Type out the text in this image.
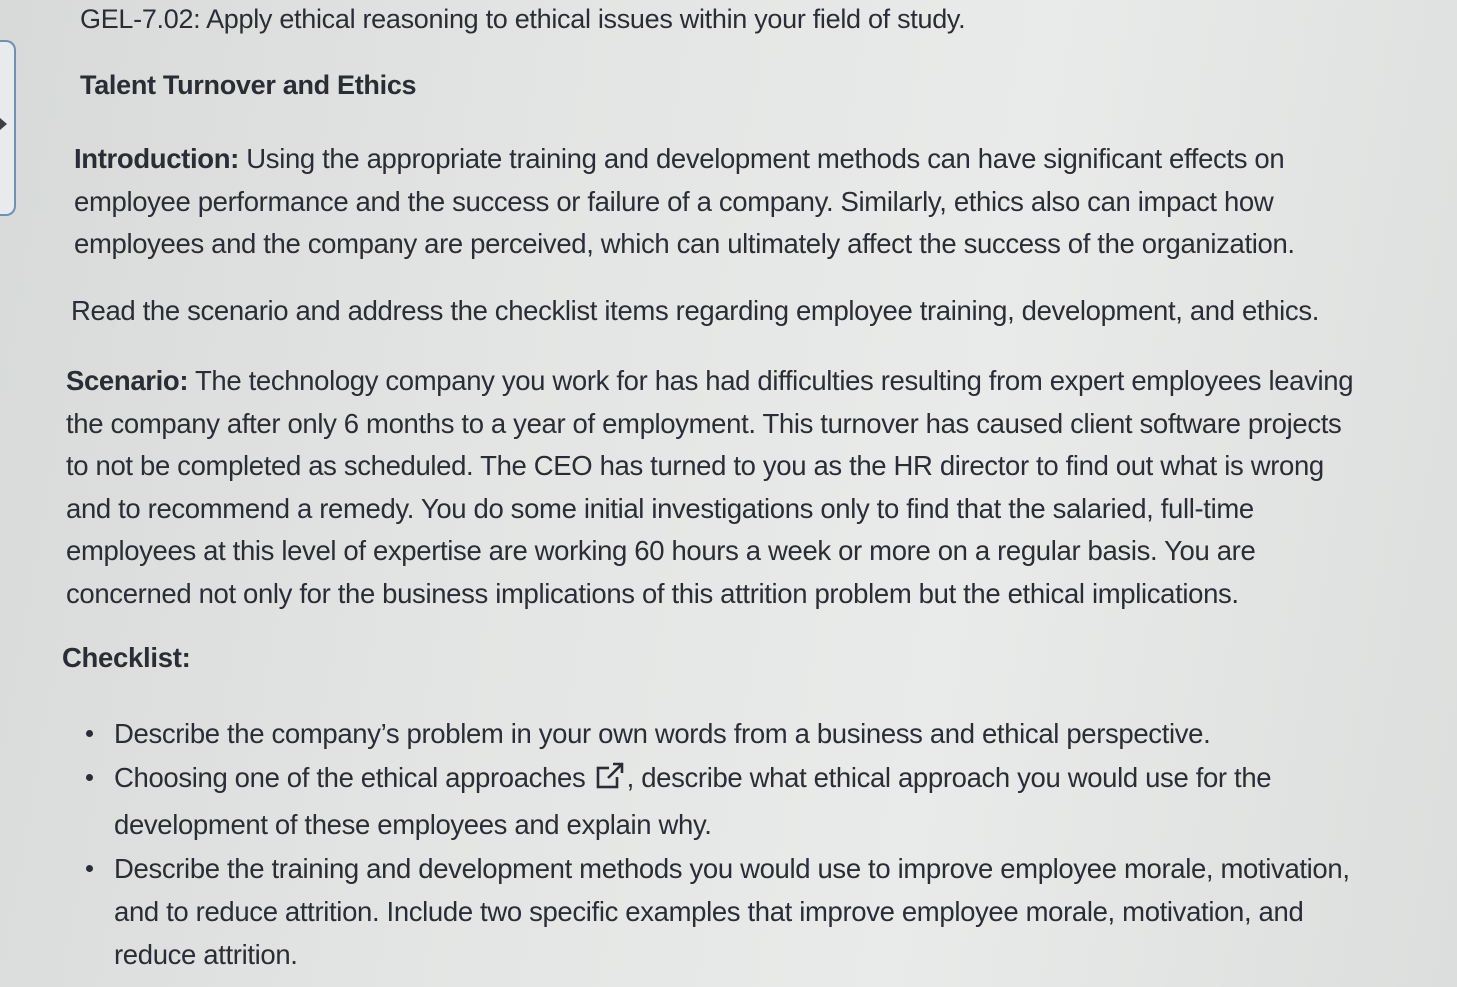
GEL-7.02: Apply ethical reasoning to ethical issues within your field of study.
Talent Turnover and Ethics
Introduction: Using the appropriate training and development methods can have significant effects on
employee performance and the success or failure of a company. Similarly, ethics also can impact how
employees and the company are perceived, which can ultimately affect the success of the organization.
Read the scenario and address the checklist items regarding employee training, development, and ethics.
Scenario: The technology company you work for has had difficulties resulting from expert employees leaving
the company after only 6 months to a year of employment. This turnover has caused client software projects
to not be completed as scheduled. The CEO has turned to you as the HR director to find out what is wrong
and to recommend a remedy. You do some initial investigations only to find that the salaried, full-time
employees at this level of expertise are working 60 hours a week or more on a regular basis. You are
concerned not only for the business implications of this attrition problem but the ethical implications.
Checklist:
Describe the company’s problem in your own words from a business and ethical perspective.
Choosing one of the ethical approaches , describe what ethical approach you would use for the
development of these employees and explain why.
Describe the training and development methods you would use to improve employee morale, motivation,
and to reduce attrition. Include two specific examples that improve employee morale, motivation, and
reduce attrition.
